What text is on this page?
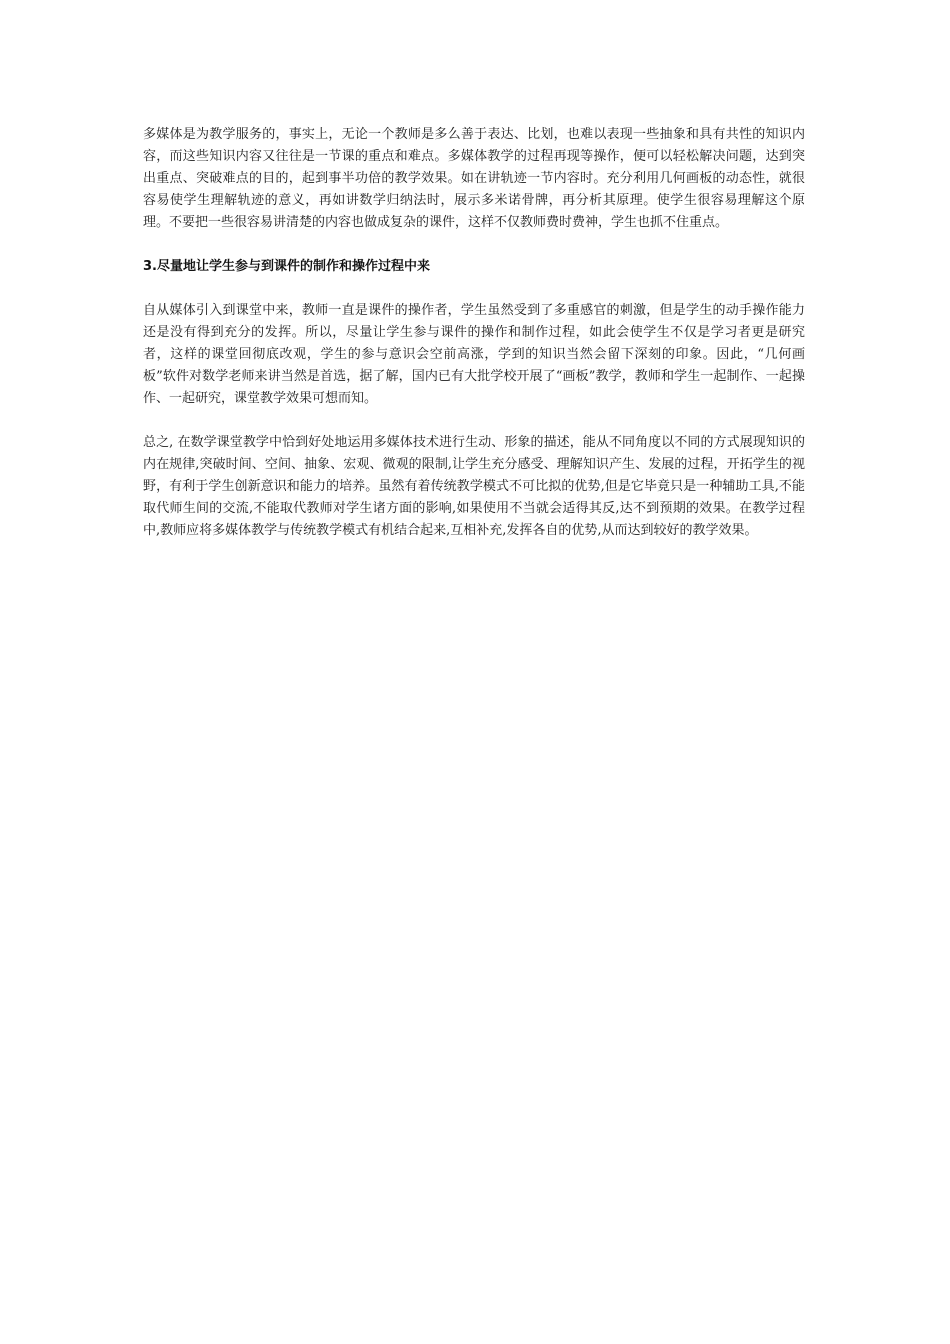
多媒体是为教学服务的，事实上，无论一个教师是多么善于表达、比划，也难以表现一些抽象和具有共性的知识内容，而这些知识内容又往往是一节课的重点和难点。多媒体教学的过程再现等操作，便可以轻松解决问题，达到突出重点、突破难点的目的，起到事半功倍的教学效果。如在讲轨迹一节内容时。充分利用几何画板的动态性，就很容易使学生理解轨迹的意义，再如讲数学归纳法时，展示多米诺骨牌，再分析其原理。使学生很容易理解这个原理。不要把一些很容易讲清楚的内容也做成复杂的课件，这样不仅教师费时费神，学生也抓不住重点。

3.尽量地让学生参与到课件的制作和操作过程中来

自从媒体引入到课堂中来，教师一直是课件的操作者，学生虽然受到了多重感官的刺激，但是学生的动手操作能力还是没有得到充分的发挥。所以，尽量让学生参与课件的操作和制作过程，如此会使学生不仅是学习者更是研究者，这样的课堂回彻底改观，学生的参与意识会空前高涨，学到的知识当然会留下深刻的印象。因此，“几何画板”软件对数学老师来讲当然是首选，据了解，国内已有大批学校开展了“画板”教学，教师和学生一起制作、一起操作、一起研究，课堂教学效果可想而知。

总之, 在数学课堂教学中恰到好处地运用多媒体技术进行生动、形象的描述，能从不同角度以不同的方式展现知识的内在规律,突破时间、空间、抽象、宏观、微观的限制,让学生充分感受、理解知识产生、发展的过程，开拓学生的视野，有利于学生创新意识和能力的培养。虽然有着传统教学模式不可比拟的优势,但是它毕竟只是一种辅助工具,不能取代师生间的交流,不能取代教师对学生诸方面的影响,如果使用不当就会适得其反,达不到预期的效果。在教学过程中,教师应将多媒体教学与传统教学模式有机结合起来,互相补充,发挥各自的优势,从而达到较好的教学效果。
